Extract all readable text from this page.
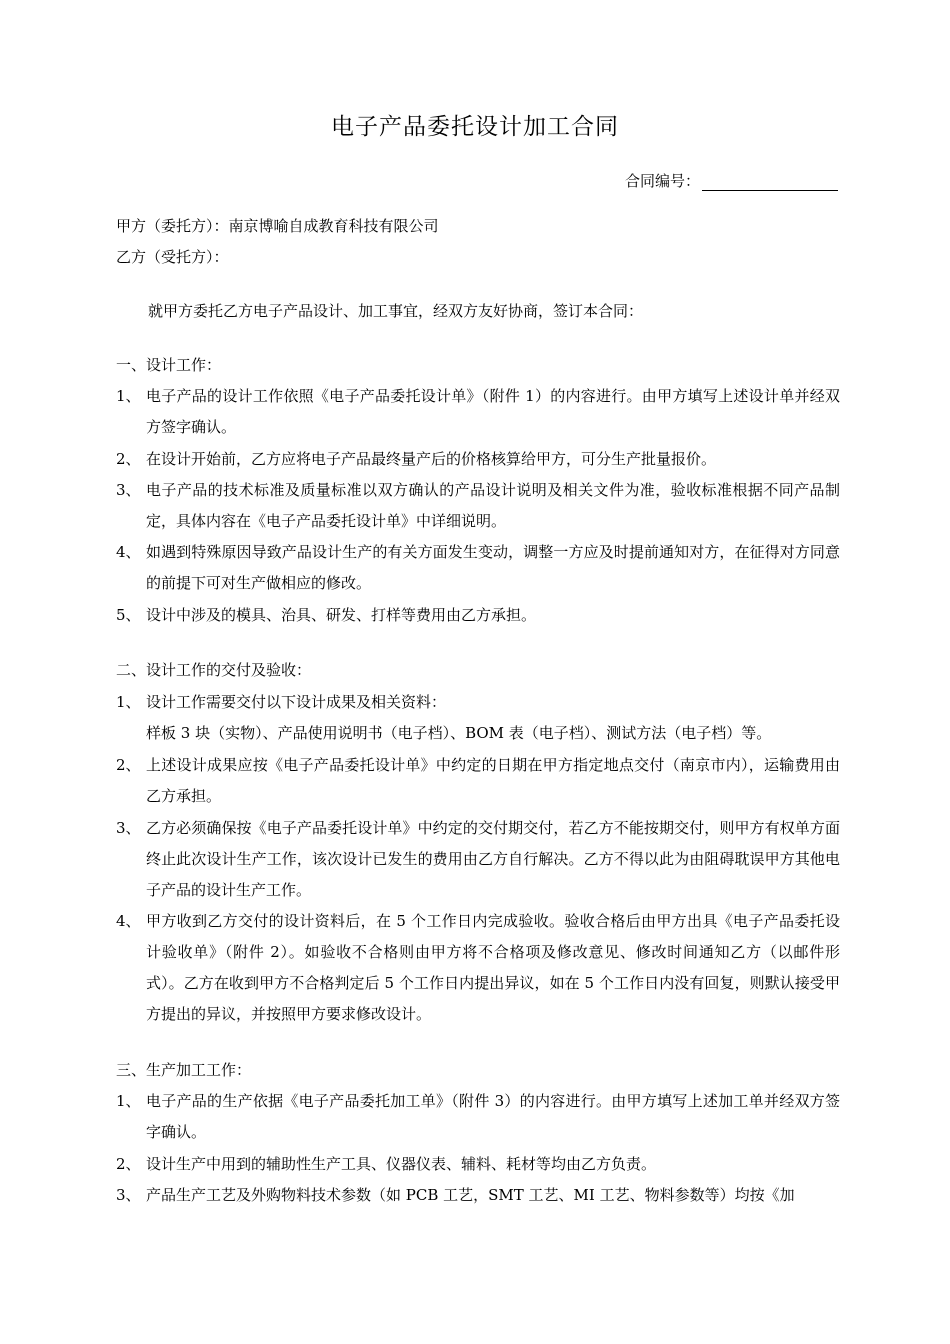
电子产品委托设计加工合同
合同编号：
甲方（委托方）：南京博喻自成教育科技有限公司
乙方（受托方）：
就甲方委托乙方电子产品设计、加工事宜，经双方友好协商，签订本合同：
一、设计工作：
1、 电子产品的设计工作依照《电子产品委托设计单》（附件 1）的内容进行。由甲方填写上述设计单并经双方签字确认。
2、 在设计开始前，乙方应将电子产品最终量产后的价格核算给甲方，可分生产批量报价。
3、 电子产品的技术标准及质量标准以双方确认的产品设计说明及相关文件为准，验收标准根据不同产品制定，具体内容在《电子产品委托设计单》中详细说明。
4、 如遇到特殊原因导致产品设计生产的有关方面发生变动，调整一方应及时提前通知对方，在征得对方同意的前提下可对生产做相应的修改。
5、 设计中涉及的模具、治具、研发、打样等费用由乙方承担。
二、设计工作的交付及验收：
1、 设计工作需要交付以下设计成果及相关资料：
样板 3 块（实物）、产品使用说明书（电子档）、BOM 表（电子档）、测试方法（电子档）等。
2、 上述设计成果应按《电子产品委托设计单》中约定的日期在甲方指定地点交付（南京市内），运输费用由乙方承担。
3、 乙方必须确保按《电子产品委托设计单》中约定的交付期交付，若乙方不能按期交付，则甲方有权单方面终止此次设计生产工作，该次设计已发生的费用由乙方自行解决。乙方不得以此为由阻碍耽误甲方其他电子产品的设计生产工作。
4、 甲方收到乙方交付的设计资料后，在 5 个工作日内完成验收。验收合格后由甲方出具《电子产品委托设计验收单》（附件 2）。如验收不合格则由甲方将不合格项及修改意见、修改时间通知乙方（以邮件形式）。乙方在收到甲方不合格判定后 5 个工作日内提出异议，如在 5 个工作日内没有回复，则默认接受甲方提出的异议，并按照甲方要求修改设计。
三、生产加工工作：
1、 电子产品的生产依据《电子产品委托加工单》（附件 3）的内容进行。由甲方填写上述加工单并经双方签字确认。
2、 设计生产中用到的辅助性生产工具、仪器仪表、辅料、耗材等均由乙方负责。
3、 产品生产工艺及外购物料技术参数（如 PCB 工艺，SMT 工艺、MI 工艺、物料参数等）均按《加
